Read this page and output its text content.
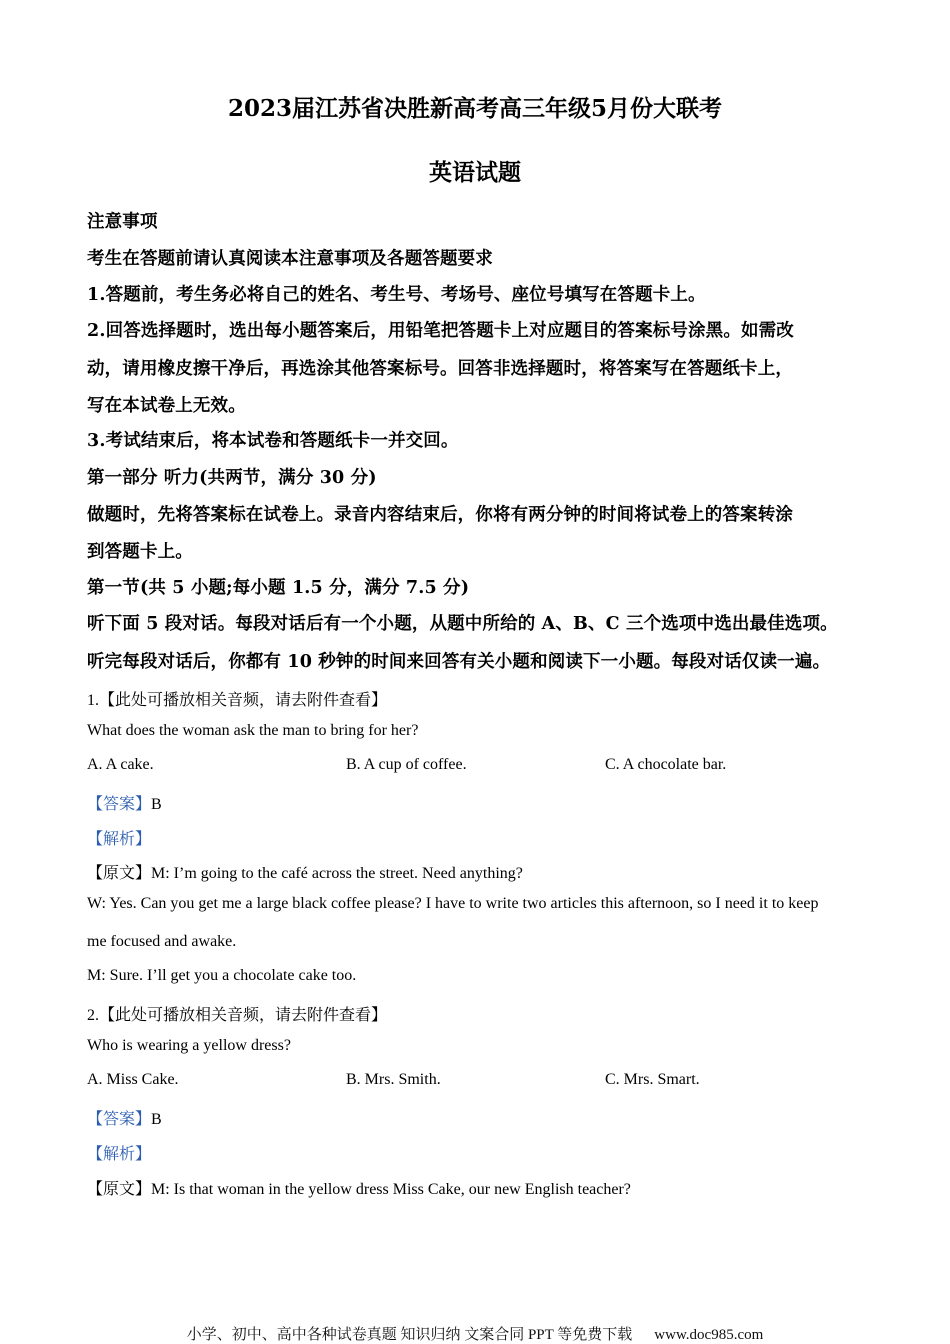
2023届江苏省决胜新高考高三年级5月份大联考
英语试题
注意事项
考生在答题前请认真阅读本注意事项及各题答题要求
1.答题前，考生务必将自己的姓名、考生号、考场号、座位号填写在答题卡上。
2.回答选择题时，选出每小题答案后，用铅笔把答题卡上对应题目的答案标号涂黑。如需改
动，请用橡皮擦干净后，再选涂其他答案标号。回答非选择题时，将答案写在答题纸卡上，
写在本试卷上无效。
3.考试结束后，将本试卷和答题纸卡一并交回。
第一部分 听力(共两节，满分 30 分)
做题时，先将答案标在试卷上。录音内容结束后，你将有两分钟的时间将试卷上的答案转涂
到答题卡上。
第一节(共 5 小题;每小题 1.5 分，满分 7.5 分)
听下面 5 段对话。每段对话后有一个小题，从题中所给的 A、B、C 三个选项中选出最佳选项。
听完每段对话后，你都有 10 秒钟的时间来回答有关小题和阅读下一小题。每段对话仅读一遍。
1.【此处可播放相关音频，请去附件查看】
What does the woman ask the man to bring for her?
A. A cake.	B. A cup of coffee.	C. A chocolate bar.
【答案】B
【解析】
【原文】M: I’m going to the café across the street. Need anything?
W: Yes. Can you get me a large black coffee please? I have to write two articles this afternoon, so I need it to keep
me focused and awake.
M: Sure. I’ll get you a chocolate cake too.
2.【此处可播放相关音频，请去附件查看】
Who is wearing a yellow dress?
A. Miss Cake.	B. Mrs. Smith.	C. Mrs. Smart.
【答案】B
【解析】
【原文】M: Is that woman in the yellow dress Miss Cake, our new English teacher?
小学、初中、高中各种试卷真题 知识归纳 文案合同 PPT 等免费下载 www.doc985.com
